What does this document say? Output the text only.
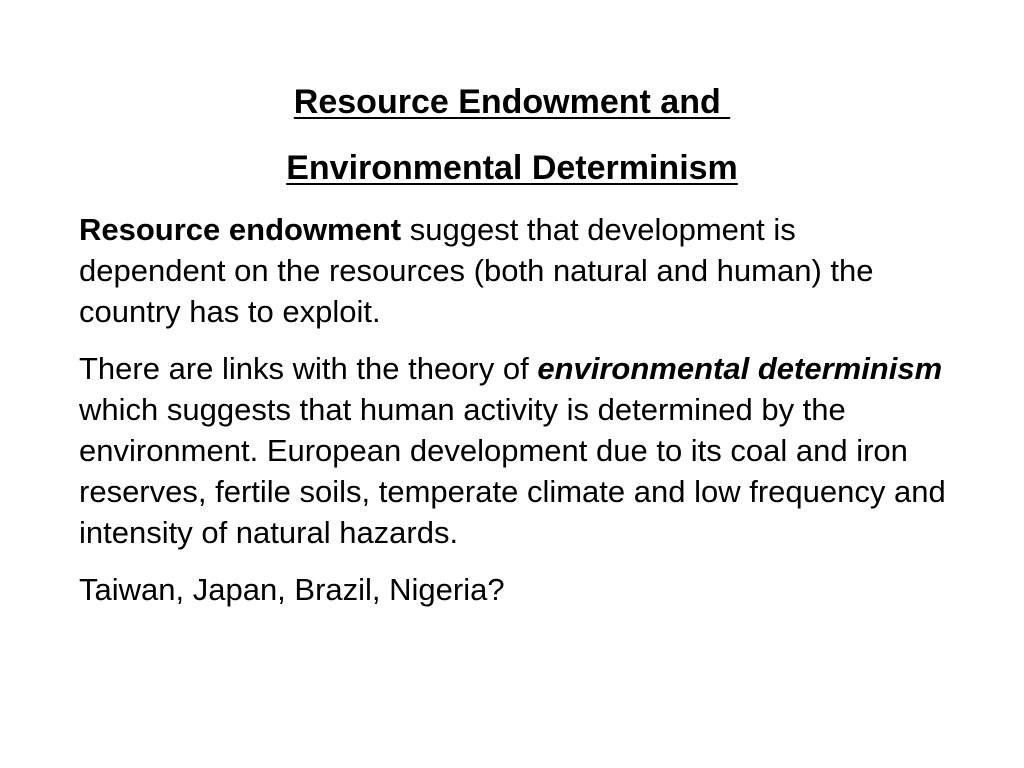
Resource Endowment and
Environmental Determinism

Resource endowment suggest that development is dependent on the resources (both natural and human) the country has to exploit.

There are links with the theory of environmental determinism which suggests that human activity is determined by the environment. European development due to its coal and iron reserves, fertile soils, temperate climate and low frequency and intensity of natural hazards.

Taiwan, Japan, Brazil, Nigeria?
